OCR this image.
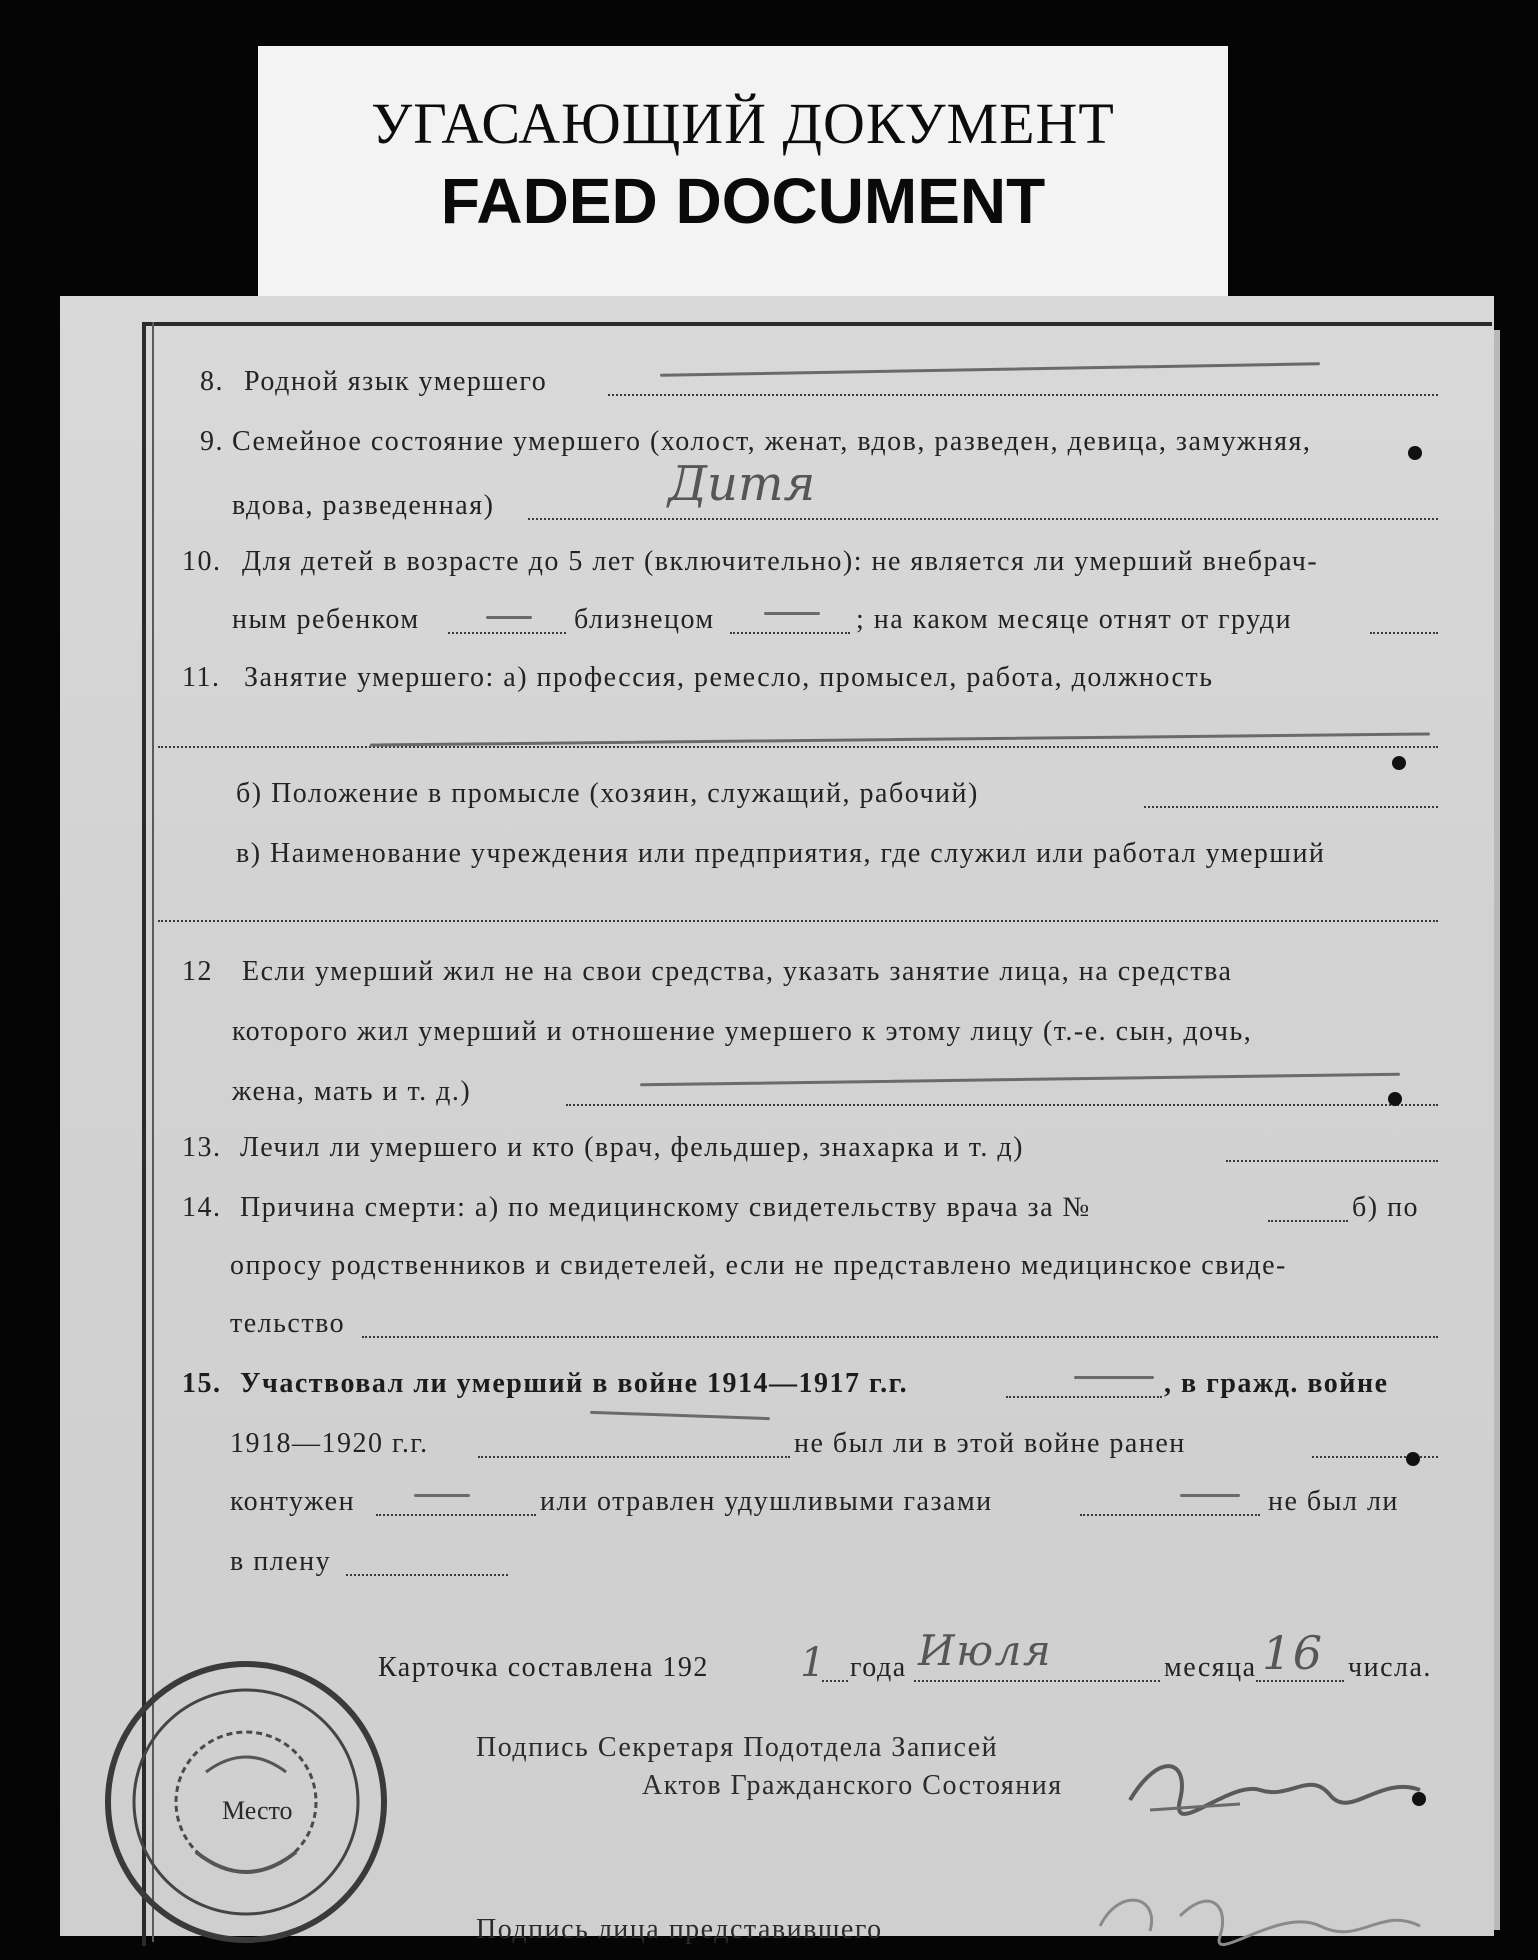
УГАСАЮЩИЙ ДОКУМЕНТ
FADED DOCUMENT
8. Родной язык умершего
9. Семейное состояние умершего (холост, женат, вдов, разведен, девица, замужняя,
вдова, разведенная)	Дитя
10. Для детей в возрасте до 5 лет (включительно): не является ли умерший внебрач-
ным ребенком	близнецом	; на каком месяце отнят от груди
11. Занятие умершего: а) профессия, ремесло, промысел, работа, должность
б) Положение в промысле (хозяин, служащий, рабочий)
в) Наименование учреждения или предприятия, где служил или работал умерший
12 Если умерший жил не на свои средства, указать занятие лица, на средства
которого жил умерший и отношение умершего к этому лицу (т.-е. сын, дочь,
жена, мать и т. д.)
13. Лечил ли умершего и кто (врач, фельдшер, знахарка и т. д)
14. Причина смерти: а) по медицинскому свидетельству врача за №	б) по
опросу родственников и свидетелей, если не представлено медицинское свиде-
тельство
15. Участвовал ли умерший в войне 1914—1917 г.г.	, в гражд. войне
1918—1920 г.г.	не был ли в этой войне ранен
контужен	или отравлен удушливыми газами	не был ли
в плену
Карточка составлена 192 1 года Июля	месяца 16 числа.
Подпись Секретаря Подотдела Записей
Актов Гражданского Состояния
Подпись лица представившего
Место
